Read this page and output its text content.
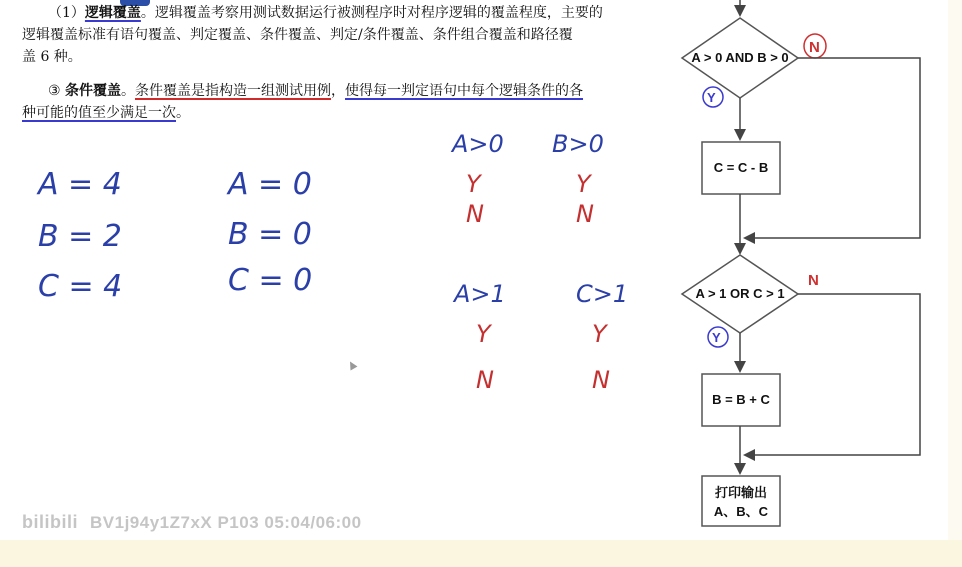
（1）逻辑覆盖。逻辑覆盖考察用测试数据运行被测程序时对程序逻辑的覆盖程度，主要的
逻辑覆盖标准有语句覆盖、判定覆盖、条件覆盖、判定/条件覆盖、条件组合覆盖和路径覆
盖 6 种。
③ 条件覆盖。条件覆盖是指构造一组测试用例，使得每一判定语句中每个逻辑条件的各
种可能的值至少满足一次。
A = 4
B = 2
C = 4
A = 0
B = 0
C = 0
A>0
Y
N
B>0
Y
N
A>1
Y
N
C>1
Y
N
A > 0 AND B > 0
N
Y
C = C - B
A > 1 OR C > 1
N
Y
B = B + C
打印输出
A、B、C
bilibili BV1j94y1Z7xX P103 05:04/06:00
